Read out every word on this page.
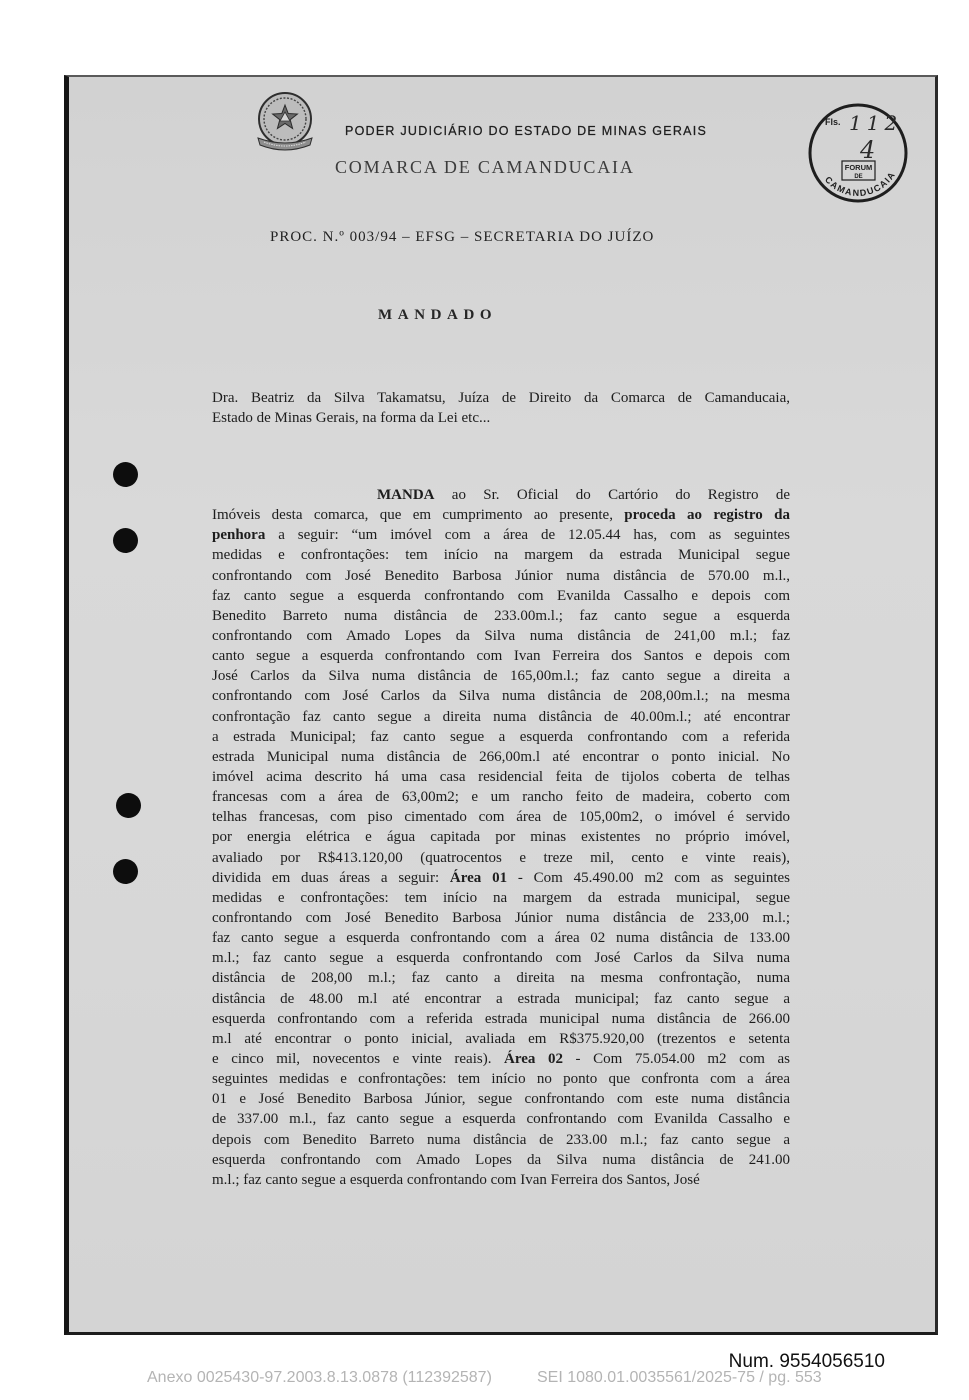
PODER JUDICIÁRIO DO ESTADO DE MINAS GERAIS
COMARCA DE CAMANDUCAIA
Fls. 112
4
FORUM
DE
CAMANDUCAIA
PROC. N.º 003/94 – EFSG – SECRETARIA DO JUÍZO
MANDADO
Dra. Beatriz da Silva Takamatsu, Juíza de Direito da Comarca de Camanducaia,
Estado de Minas Gerais, na forma da Lei etc...
MANDA ao Sr. Oficial do Cartório do Registro de
Imóveis desta comarca, que em cumprimento ao presente, proceda ao registro da
penhora a seguir: “um imóvel com a área de 12.05.44 has, com as seguintes
medidas e confrontações: tem início na margem da estrada Municipal segue
confrontando com José Benedito Barbosa Júnior numa distância de 570.00 m.l.,
faz canto segue a esquerda confrontando com Evanilda Cassalho e depois com
Benedito Barreto numa distância de 233.00m.l.; faz canto segue a esquerda
confrontando com Amado Lopes da Silva numa distância de 241,00 m.l.; faz
canto segue a esquerda confrontando com Ivan Ferreira dos Santos e depois com
José Carlos da Silva numa distância de 165,00m.l.; faz canto segue a direita a
confrontando com José Carlos da Silva numa distância de 208,00m.l.; na mesma
confrontação faz canto segue a direita numa distância de 40.00m.l.; até encontrar
a estrada Municipal; faz canto segue a esquerda confrontando com a referida
estrada Municipal numa distância de 266,00m.l até encontrar o ponto inicial. No
imóvel acima descrito há uma casa residencial feita de tijolos coberta de telhas
francesas com a área de 63,00m2; e um rancho feito de madeira, coberto com
telhas francesas, com piso cimentado com área de 105,00m2, o imóvel é servido
por energia elétrica e água capitada por minas existentes no próprio imóvel,
avaliado por R$413.120,00 (quatrocentos e treze mil, cento e vinte reais),
dividida em duas áreas a seguir: Área 01 - Com 45.490.00 m2 com as seguintes
medidas e confrontações: tem início na margem da estrada municipal, segue
confrontando com José Benedito Barbosa Júnior numa distância de 233,00 m.l.;
faz canto segue a esquerda confrontando com a área 02 numa distância de 133.00
m.l.; faz canto segue a esquerda confrontando com José Carlos da Silva numa
distância de 208,00 m.l.; faz canto a direita na mesma confrontação, numa
distância de 48.00 m.l até encontrar a estrada municipal; faz canto segue a
esquerda confrontando com a referida estrada municipal numa distância de 266.00
m.l até encontrar o ponto inicial, avaliada em R$375.920,00 (trezentos e setenta
e cinco mil, novecentos e vinte reais). Área 02 - Com 75.054.00 m2 com as
seguintes medidas e confrontações: tem início no ponto que confronta com a área
01 e José Benedito Barbosa Júnior, segue confrontando com este numa distância
de 337.00 m.l., faz canto segue a esquerda confrontando com Evanilda Cassalho e
depois com Benedito Barreto numa distância de 233.00 m.l.; faz canto segue a
esquerda confrontando com Amado Lopes da Silva numa distância de 241.00
m.l.; faz canto segue a esquerda confrontando com Ivan Ferreira dos Santos, José
Num. 9554056510
Anexo 0025430-97.2003.8.13.0878 (112392587)	SEI 1080.01.0035561/2025-75 / pg. 553
